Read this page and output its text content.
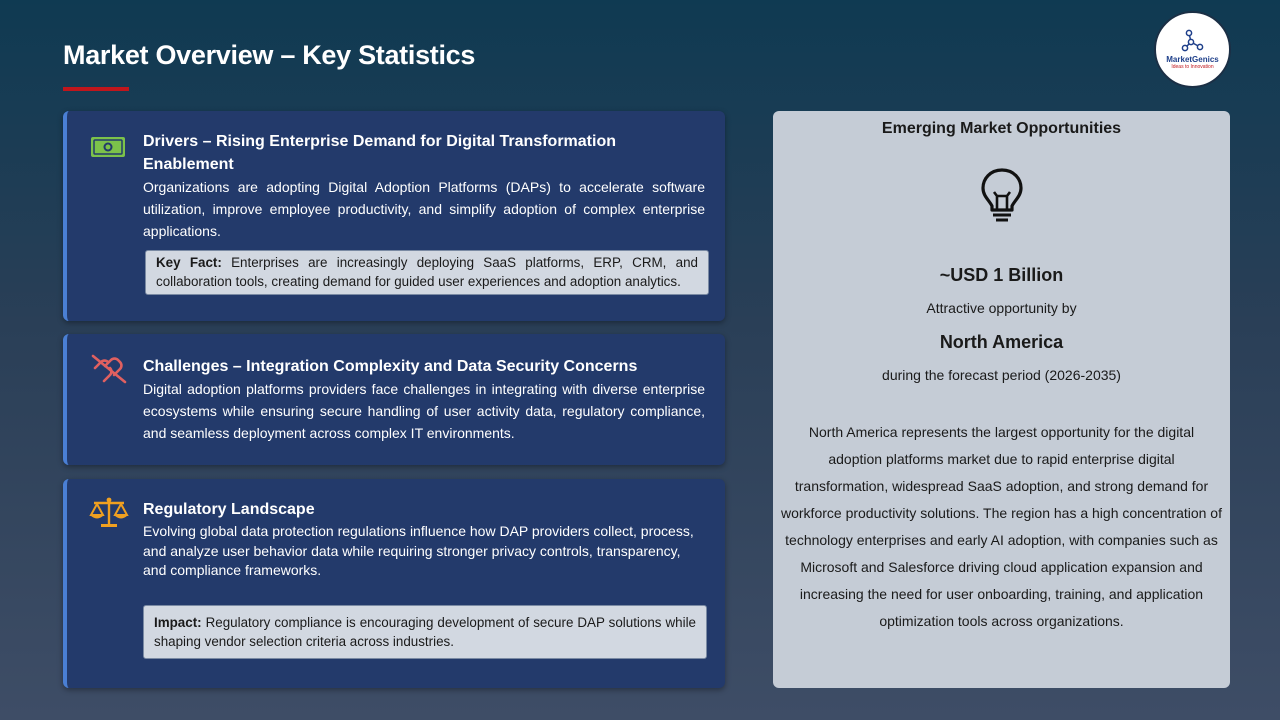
Market Overview – Key Statistics	MarketGenics
Ideas to Innovation
Drivers – Rising Enterprise Demand for Digital Transformation Enablement
Organizations are adopting Digital Adoption Platforms (DAPs) to accelerate software utilization, improve employee productivity, and simplify adoption of complex enterprise applications.
Key Fact: Enterprises are increasingly deploying SaaS platforms, ERP, CRM, and collaboration tools, creating demand for guided user experiences and adoption analytics.
Challenges – Integration Complexity and Data Security Concerns
Digital adoption platforms providers face challenges in integrating with diverse enterprise ecosystems while ensuring secure handling of user activity data, regulatory compliance, and seamless deployment across complex IT environments.
Regulatory Landscape
Evolving global data protection regulations influence how DAP providers collect, process, and analyze user behavior data while requiring stronger privacy controls, transparency, and compliance frameworks.
Impact: Regulatory compliance is encouraging development of secure DAP solutions while shaping vendor selection criteria across industries.
Emerging Market Opportunities
~USD 1 Billion
Attractive opportunity by
North America
during the forecast period (2026-2035)
North America represents the largest opportunity for the digital adoption platforms market due to rapid enterprise digital transformation, widespread SaaS adoption, and strong demand for workforce productivity solutions. The region has a high concentration of technology enterprises and early AI adoption, with companies such as Microsoft and Salesforce driving cloud application expansion and increasing the need for user onboarding, training, and application optimization tools across organizations.
